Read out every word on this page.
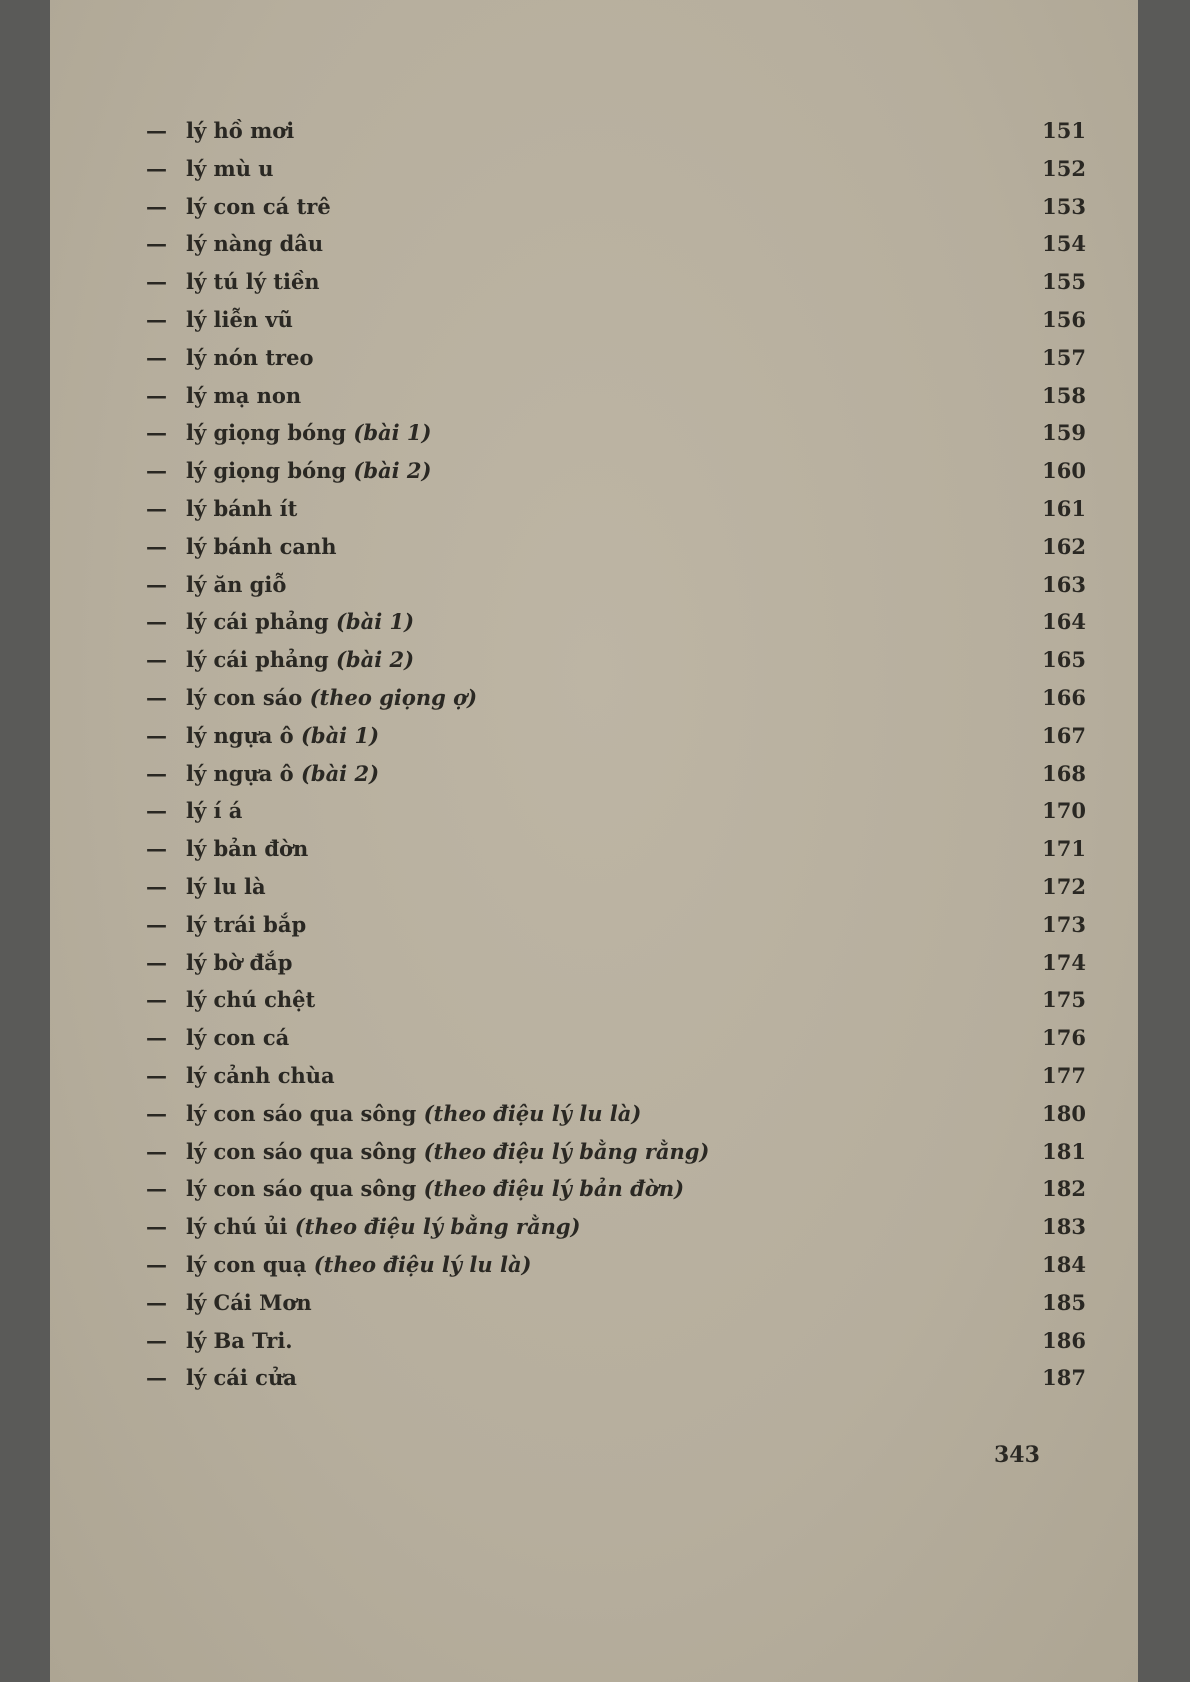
— lý hồ mơi	151
— lý mù u	152
— lý con cá trê	153
— lý nàng dâu	154
— lý tú lý tiền	155
— lý liễn vũ	156
— lý nón treo	157
— lý mạ non	158
— lý giọng bóng (bài 1)	159
— lý giọng bóng (bài 2)	160
— lý bánh ít	161
— lý bánh canh	162
— lý ăn giỗ	163
— lý cái phảng (bài 1)	164
— lý cái phảng (bài 2)	165
— lý con sáo (theo giọng ợ)	166
— lý ngựa ô (bài 1)	167
— lý ngựa ô (bài 2)	168
— lý í á	170
— lý bản đờn	171
— lý lu là	172
— lý trái bắp	173
— lý bờ đắp	174
— lý chú chệt	175
— lý con cá	176
— lý cảnh chùa	177
— lý con sáo qua sông (theo điệu lý lu là)	180
— lý con sáo qua sông (theo điệu lý bằng rằng)	181
— lý con sáo qua sông (theo điệu lý bản đờn)	182
— lý chú ủi (theo điệu lý bằng rằng)	183
— lý con quạ (theo điệu lý lu là)	184
— lý Cái Mơn	185
— lý Ba Tri.	186
— lý cái cửa	187
343
